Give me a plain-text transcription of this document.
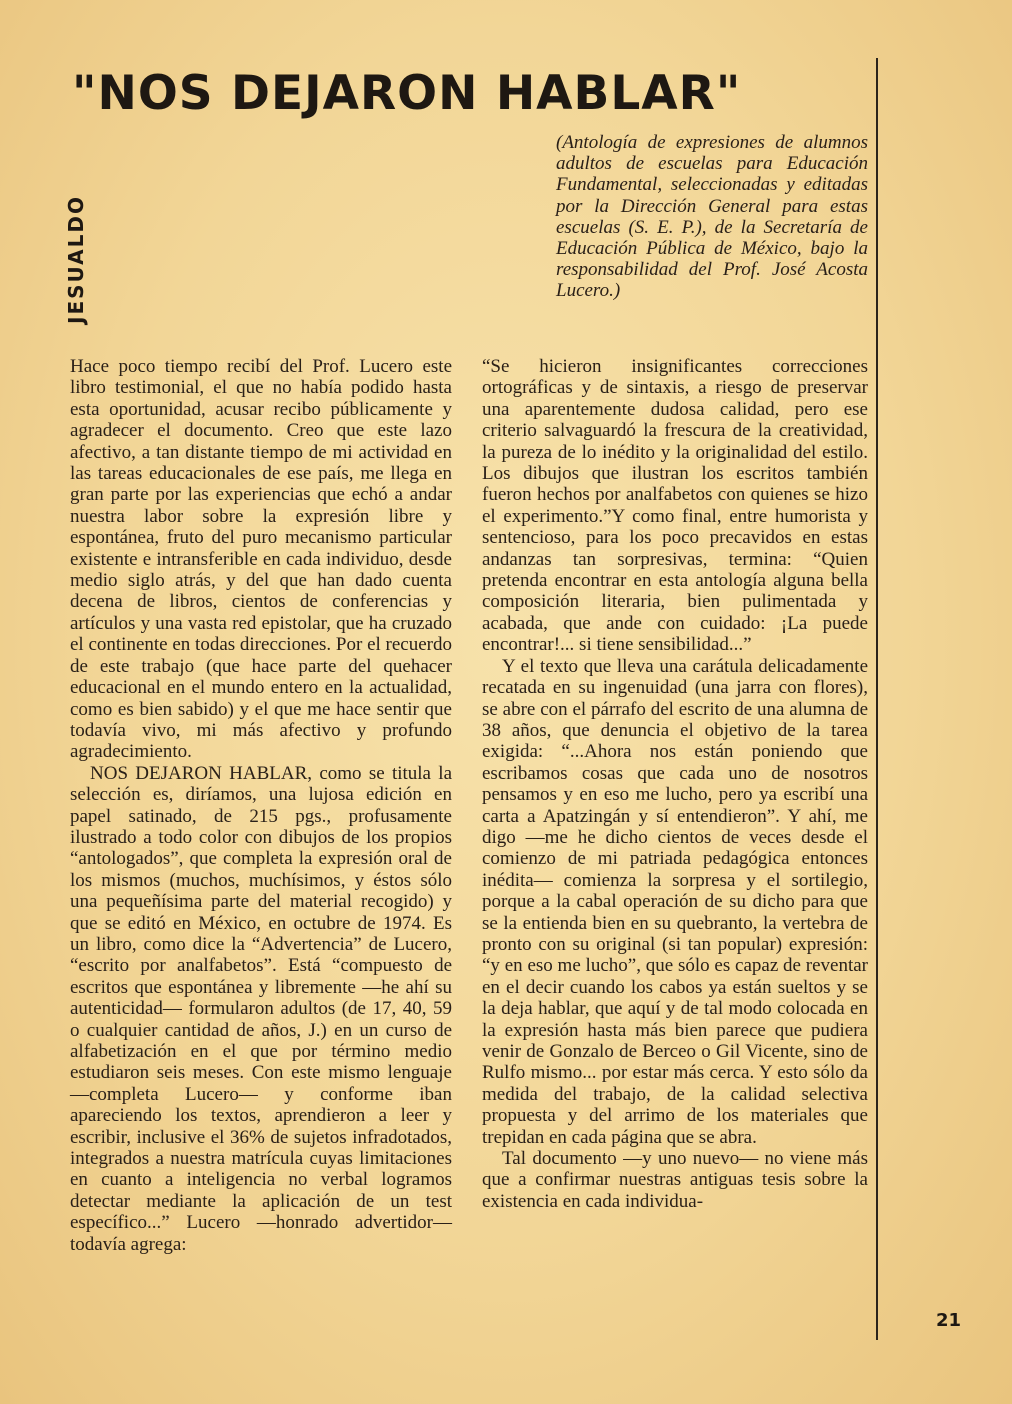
"NOS DEJARON HABLAR"
JESUALDO

(Antología de expresiones de alumnos adultos de escuelas para Educación Fundamental, seleccionadas y editadas por la Dirección General para estas escuelas (S. E. P.), de la Secretaría de Educación Pública de México, bajo la responsabilidad del Prof. José Acosta Lucero.)

Hace poco tiempo recibí del Prof. Lucero este libro testimonial, el que no había podido hasta esta oportunidad, acusar recibo públicamente y agradecer el documento. Creo que este lazo afectivo, a tan distante tiempo de mi actividad en las tareas educacionales de ese país, me llega en gran parte por las experiencias que echó a andar nuestra labor sobre la expresión libre y espontánea, fruto del puro mecanismo particular existente e intransferible en cada individuo, desde medio siglo atrás, y del que han dado cuenta decena de libros, cientos de conferencias y artículos y una vasta red epistolar, que ha cruzado el continente en todas direcciones. Por el recuerdo de este trabajo (que hace parte del quehacer educacional en el mundo entero en la actualidad, como es bien sabido) y el que me hace sentir que todavía vivo, mi más afectivo y profundo agradecimiento.

NOS DEJARON HABLAR, como se titula la selección es, diríamos, una lujosa edición en papel satinado, de 215 pgs., profusamente ilustrado a todo color con dibujos de los propios “antologados”, que completa la expresión oral de los mismos (muchos, muchísimos, y éstos sólo una pequeñísima parte del material recogido) y que se editó en México, en octubre de 1974. Es un libro, como dice la “Advertencia” de Lucero, “escrito por analfabetos”. Está “compuesto de escritos que espontánea y libremente —he ahí su autenticidad— formularon adultos (de 17, 40, 59 o cualquier cantidad de años, J.) en un curso de alfabetización en el que por término medio estudiaron seis meses. Con este mismo lenguaje —completa Lucero— y conforme iban apareciendo los textos, aprendieron a leer y escribir, inclusive el 36% de sujetos infradotados, integrados a nuestra matrícula cuyas limitaciones en cuanto a inteligencia no verbal logramos detectar mediante la aplicación de un test específico...” Lucero —honrado advertidor— todavía agrega:

“Se hicieron insignificantes correcciones ortográficas y de sintaxis, a riesgo de preservar una aparentemente dudosa calidad, pero ese criterio salvaguardó la frescura de la creatividad, la pureza de lo inédito y la originalidad del estilo. Los dibujos que ilustran los escritos también fueron hechos por analfabetos con quienes se hizo el experimento.”Y como final, entre humorista y sentencioso, para los poco precavidos en estas andanzas tan sorpresivas, termina: “Quien pretenda encontrar en esta antología alguna bella composición literaria, bien pulimentada y acabada, que ande con cuidado: ¡La puede encontrar!... si tiene sensibilidad...”

Y el texto que lleva una carátula delicadamente recatada en su ingenuidad (una jarra con flores), se abre con el párrafo del escrito de una alumna de 38 años, que denuncia el objetivo de la tarea exigida: “...Ahora nos están poniendo que escribamos cosas que cada uno de nosotros pensamos y en eso me lucho, pero ya escribí una carta a Apatzingán y sí entendieron”. Y ahí, me digo —me he dicho cientos de veces desde el comienzo de mi patriada pedagógica entonces inédita— comienza la sorpresa y el sortilegio, porque a la cabal operación de su dicho para que se la entienda bien en su quebranto, la vertebra de pronto con su original (si tan popular) expresión: “y en eso me lucho”, que sólo es capaz de reventar en el decir cuando los cabos ya están sueltos y se la deja hablar, que aquí y de tal modo colocada en la expresión hasta más bien parece que pudiera venir de Gonzalo de Berceo o Gil Vicente, sino de Rulfo mismo... por estar más cerca. Y esto sólo da medida del trabajo, de la calidad selectiva propuesta y del arrimo de los materiales que trepidan en cada página que se abra.

Tal documento —y uno nuevo— no viene más que a confirmar nuestras antiguas tesis sobre la existencia en cada individua-

21
